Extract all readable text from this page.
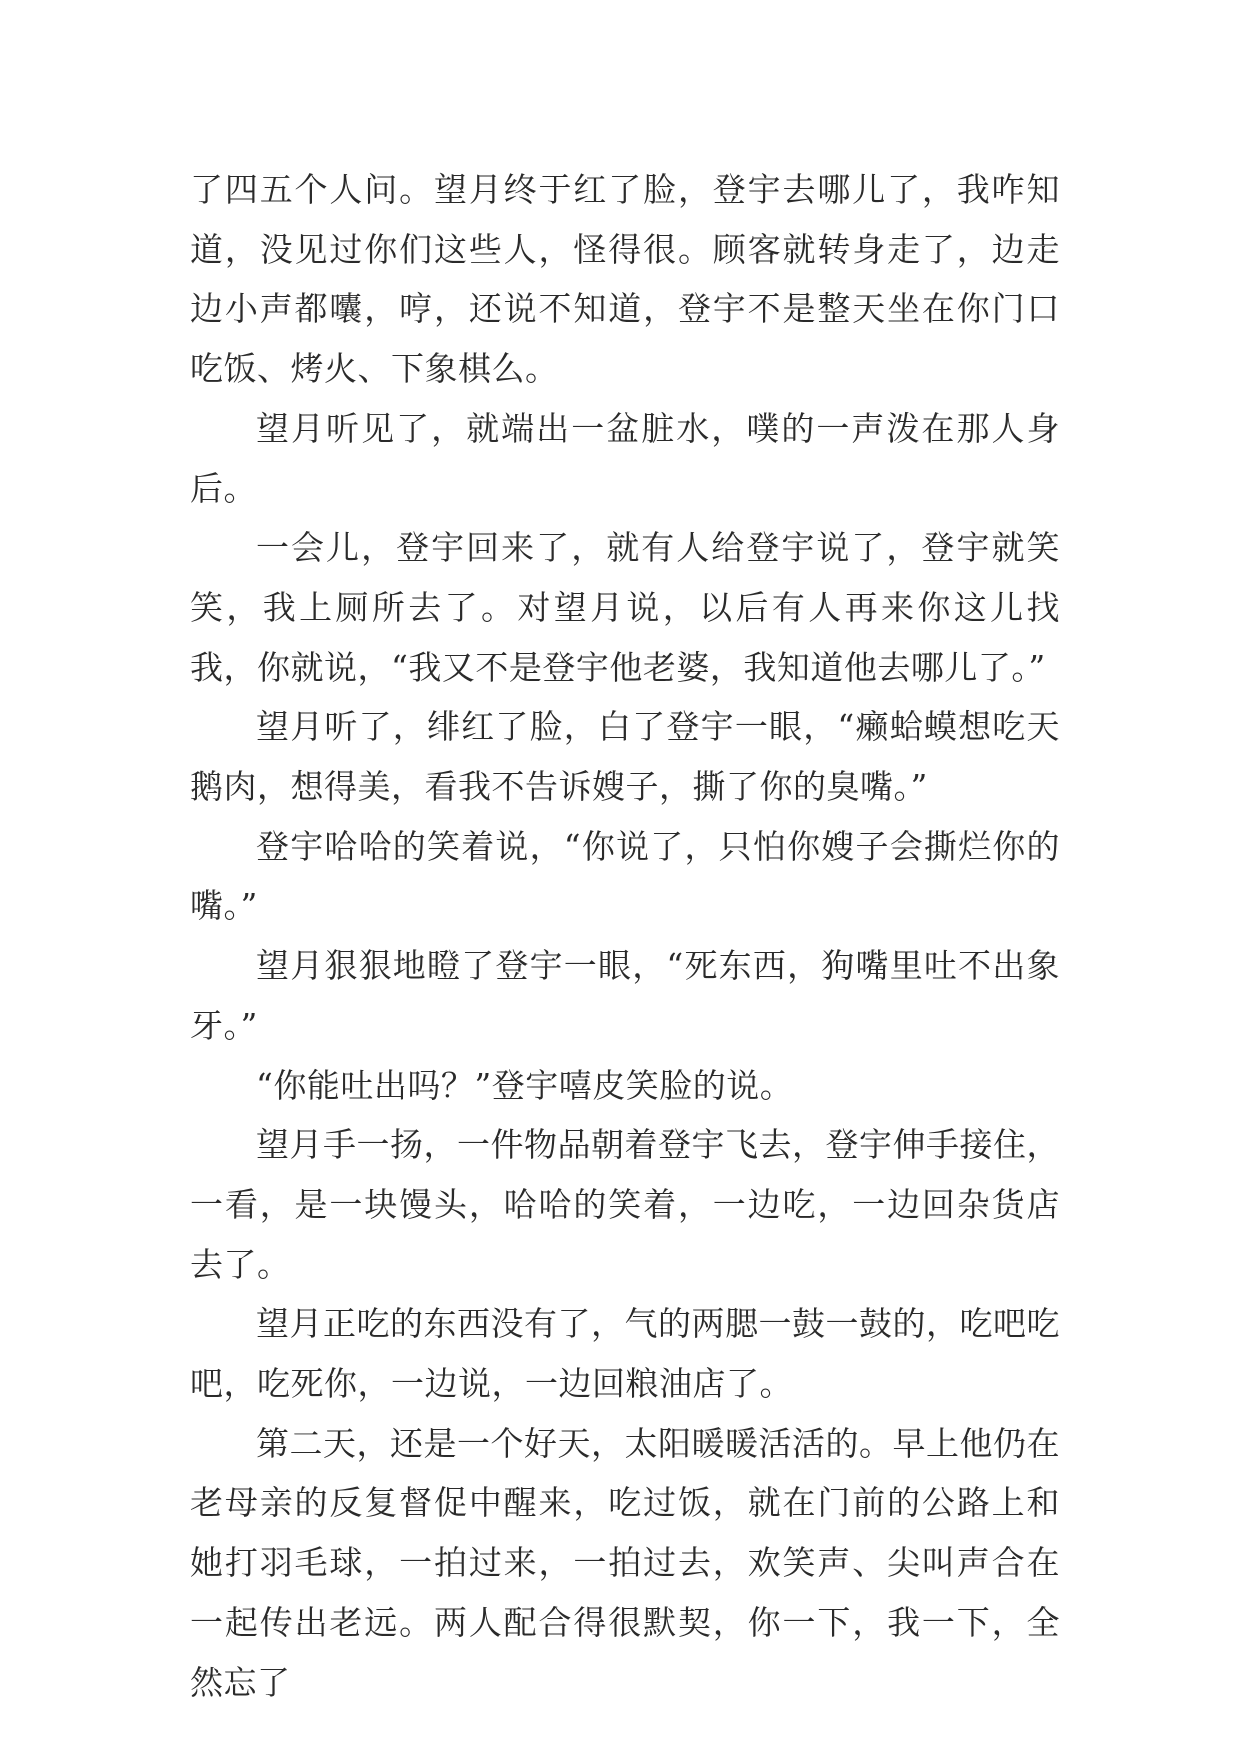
了四五个人问。望月终于红了脸，登宇去哪儿了，我咋知道，没见过你们这些人，怪得很。顾客就转身走了，边走边小声都囔，哼，还说不知道，登宇不是整天坐在你门口吃饭、烤火、下象棋么。

望月听见了，就端出一盆脏水，噗的一声泼在那人身后。

一会儿，登宇回来了，就有人给登宇说了，登宇就笑笑，我上厕所去了。对望月说，以后有人再来你这儿找我，你就说，“我又不是登宇他老婆，我知道他去哪儿了。”

望月听了，绯红了脸，白了登宇一眼，“癞蛤蟆想吃天鹅肉，想得美，看我不告诉嫂子，撕了你的臭嘴。”

登宇哈哈的笑着说，“你说了，只怕你嫂子会撕烂你的嘴。”

望月狠狠地瞪了登宇一眼，“死东西，狗嘴里吐不出象牙。”

“你能吐出吗？”登宇嘻皮笑脸的说。

望月手一扬，一件物品朝着登宇飞去，登宇伸手接住，一看，是一块馒头，哈哈的笑着，一边吃，一边回杂货店去了。

望月正吃的东西没有了，气的两腮一鼓一鼓的，吃吧吃吧，吃死你，一边说，一边回粮油店了。

第二天，还是一个好天，太阳暖暖活活的。早上他仍在老母亲的反复督促中醒来，吃过饭，就在门前的公路上和她打羽毛球，一拍过来，一拍过去，欢笑声、尖叫声合在一起传出老远。两人配合得很默契，你一下，我一下，全然忘了
